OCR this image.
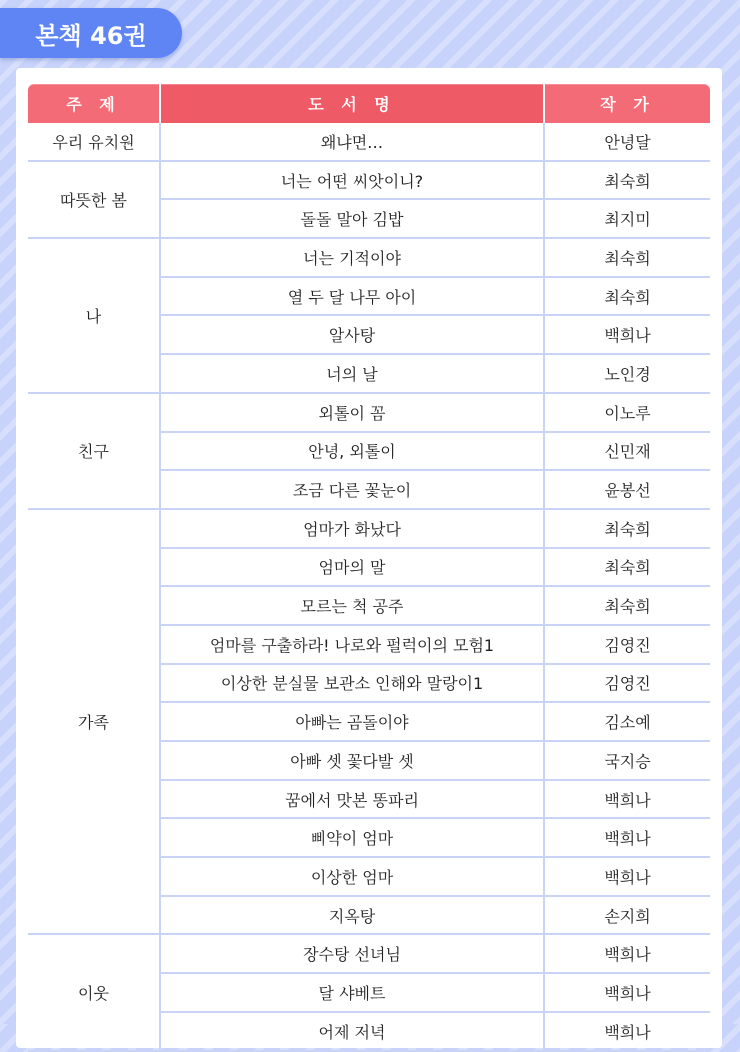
본책 46권
주 제	도 서 명	작 가
우리 유치원	왜냐면…	안녕달
따뜻한 봄	너는 어떤 씨앗이니?	최숙희
	돌돌 말아 김밥	최지미
나	너는 기적이야	최숙희
	열 두 달 나무 아이	최숙희
	알사탕	백희나
	너의 날	노인경
친구	외톨이 꼼	이노루
	안녕, 외톨이	신민재
	조금 다른 꽃눈이	윤봉선
가족	엄마가 화났다	최숙희
	엄마의 말	최숙희
	모르는 척 공주	최숙희
	엄마를 구출하라! 나로와 펄럭이의 모험1	김영진
	이상한 분실물 보관소 인해와 말랑이1	김영진
	아빠는 곰돌이야	김소예
	아빠 셋 꽃다발 셋	국지승
	꿈에서 맛본 똥파리	백희나
	삐약이 엄마	백희나
	이상한 엄마	백희나
	지옥탕	손지희
이웃	장수탕 선녀님	백희나
	달 샤베트	백희나
	어제 저녁	백희나
